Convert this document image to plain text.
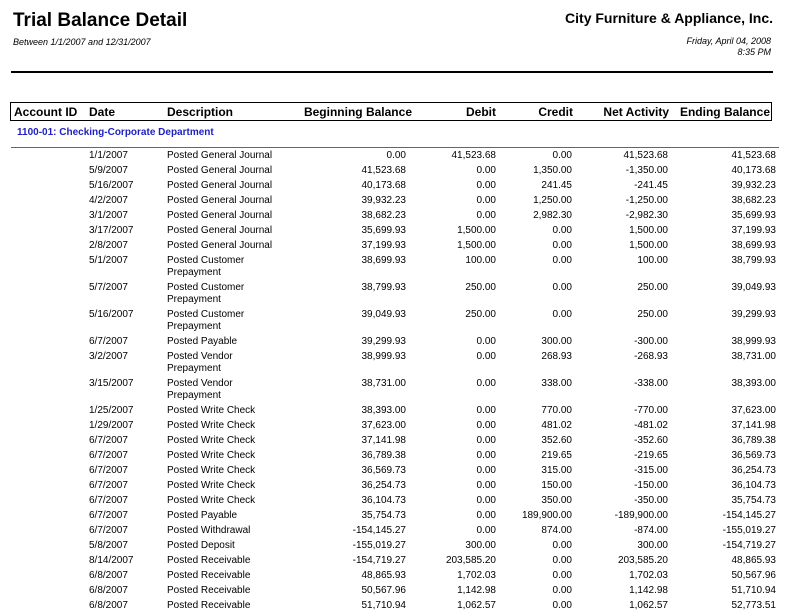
Trial Balance Detail
Between 1/1/2007 and 12/31/2007
City Furniture & Appliance, Inc.
Friday, April 04, 2008
8:35 PM
Account ID Date	Description	Beginning Balance	Debit	Credit	Net Activity Ending Balance
1100-01: Checking-Corporate Department
1/1/2007	Posted General Journal	0.00	41,523.68	0.00	41,523.68	41,523.68
5/9/2007	Posted General Journal	41,523.68	0.00	1,350.00	-1,350.00	40,173.68
5/16/2007	Posted General Journal	40,173.68	0.00	241.45	-241.45	39,932.23
4/2/2007	Posted General Journal	39,932.23	0.00	1,250.00	-1,250.00	38,682.23
3/1/2007	Posted General Journal	38,682.23	0.00	2,982.30	-2,982.30	35,699.93
3/17/2007	Posted General Journal	35,699.93	1,500.00	0.00	1,500.00	37,199.93
2/8/2007	Posted General Journal	37,199.93	1,500.00	0.00	1,500.00	38,699.93
5/1/2007	Posted Customer Prepayment
38,699.93	100.00	0.00	100.00	38,799.93
5/7/2007	Posted Customer Prepayment
38,799.93	250.00	0.00	250.00	39,049.93
5/16/2007	Posted Customer Prepayment
39,049.93	250.00	0.00	250.00	39,299.93
6/7/2007	Posted Payable	39,299.93	0.00	300.00	-300.00	38,999.93
3/2/2007	Posted Vendor Prepayment
38,999.93	0.00	268.93	-268.93	38,731.00
3/15/2007	Posted Vendor Prepayment
38,731.00	0.00	338.00	-338.00	38,393.00
1/25/2007	Posted Write Check	38,393.00	0.00	770.00	-770.00	37,623.00
1/29/2007	Posted Write Check	37,623.00	0.00	481.02	-481.02	37,141.98
6/7/2007	Posted Write Check	37,141.98	0.00	352.60	-352.60	36,789.38
6/7/2007	Posted Write Check	36,789.38	0.00	219.65	-219.65	36,569.73
6/7/2007	Posted Write Check	36,569.73	0.00	315.00	-315.00	36,254.73
6/7/2007	Posted Write Check	36,254.73	0.00	150.00	-150.00	36,104.73
6/7/2007	Posted Write Check	36,104.73	0.00	350.00	-350.00	35,754.73
6/7/2007	Posted Payable	35,754.73	0.00	189,900.00	-189,900.00	-154,145.27
6/7/2007	Posted Withdrawal	-154,145.27	0.00	874.00	-874.00	-155,019.27
5/8/2007	Posted Deposit	-155,019.27	300.00	0.00	300.00	-154,719.27
8/14/2007	Posted Receivable	-154,719.27	203,585.20	0.00	203,585.20	48,865.93
6/8/2007	Posted Receivable	48,865.93	1,702.03	0.00	1,702.03	50,567.96
6/8/2007	Posted Receivable	50,567.96	1,142.98	0.00	1,142.98	51,710.94
6/8/2007	Posted Receivable	51,710.94	1,062.57	0.00	1,062.57	52,773.51
